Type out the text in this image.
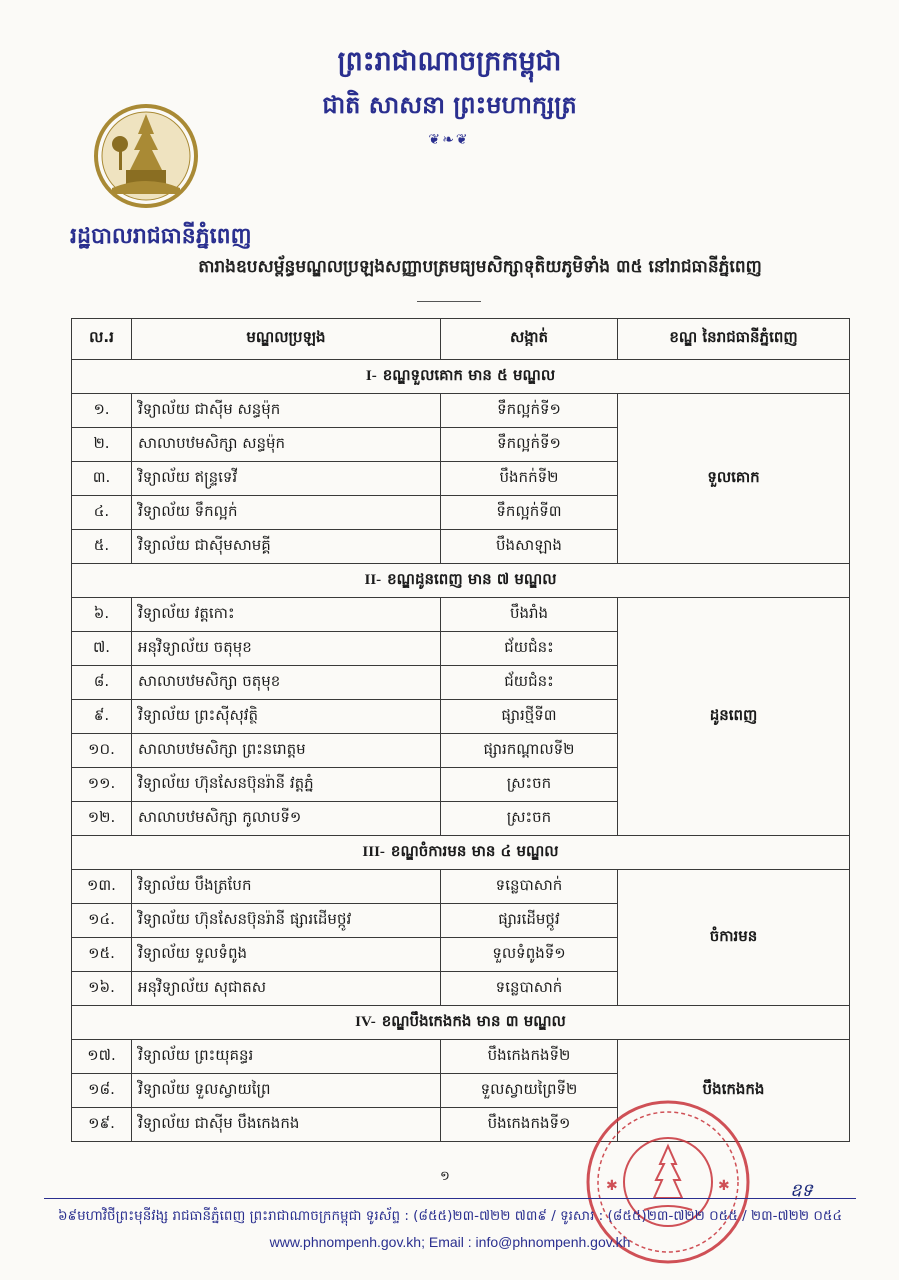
ព្រះរាជាណាចក្រកម្ពុជា
ជាតិ សាសនា ព្រះមហាក្សត្រ
❦❧❦
រដ្ឋបាលរាជធានីភ្នំពេញ
តារាងឧបសម្ព័ន្ធមណ្ឌលប្រឡងសញ្ញាបត្រមធ្យមសិក្សាទុតិយភូមិទាំង ៣៥ នៅរាជធានីភ្នំពេញ
ល.រ	មណ្ឌលប្រឡង	សង្កាត់	ខណ្ឌ នៃរាជធានីភ្នំពេញ
I- ខណ្ឌទួលគោក មាន ៥ មណ្ឌល			
១.	វិទ្យាល័យ ជាស៊ីម សន្ធម៉ុក	ទឹកល្អក់ទី១	ទួលគោក
២.	សាលាបឋមសិក្សា សន្ធម៉ុក	ទឹកល្អក់ទី១	
៣.	វិទ្យាល័យ ឥន្ទ្រទេវី	បឹងកក់ទី២	
៤.	វិទ្យាល័យ ទឹកល្អក់	ទឹកល្អក់ទី៣	
៥.	វិទ្យាល័យ ជាស៊ីមសាមគ្គី	បឹងសាឡាង	
II- ខណ្ឌដូនពេញ មាន ៧ មណ្ឌល			
៦.	វិទ្យាល័យ វត្តកោះ	បឹងរាំង	ដូនពេញ
៧.	អនុវិទ្យាល័យ ចតុមុខ	ជ័យជំនះ	
៨.	សាលាបឋមសិក្សា ចតុមុខ	ជ័យជំនះ	
៩.	វិទ្យាល័យ ព្រះស៊ីសុវត្ថិ	ផ្សារថ្មីទី៣	
១០.	សាលាបឋមសិក្សា ព្រះនរោត្តម	ផ្សារកណ្តាលទី២	
១១.	វិទ្យាល័យ ហ៊ុនសែនប៊ុនរ៉ានី វត្តភ្នំ	ស្រះចក	
១២.	សាលាបឋមសិក្សា កូលាបទី១	ស្រះចក	
III- ខណ្ឌចំការមន មាន ៤ មណ្ឌល			
១៣.	វិទ្យាល័យ បឹងត្របែក	ទន្លេបាសាក់	ចំការមន
១៤.	វិទ្យាល័យ ហ៊ុនសែនប៊ុនរ៉ានី ផ្សារដើមថ្កូវ	ផ្សារដើមថ្កូវ	
១៥.	វិទ្យាល័យ ទួលទំពូង	ទួលទំពូងទី១	
១៦.	អនុវិទ្យាល័យ សុជាតស	ទន្លេបាសាក់	
IV- ខណ្ឌបឹងកេងកង មាន ៣ មណ្ឌល			
១៧.	វិទ្យាល័យ ព្រះយុគន្ធរ	បឹងកេងកងទី២	បឹងកេងកង
១៨.	វិទ្យាល័យ ទួលស្វាយព្រៃ	ទួលស្វាយព្រៃទី២	
១៩.	វិទ្យាល័យ ជាស៊ីម បឹងកេងកង	បឹងកេងកងទី១	
✱	✱
១
ឧទ
៦៩មហាវិថីព្រះមុនីវង្ស រាជធានីភ្នំពេញ ព្រះរាជាណាចក្រកម្ពុជា ទូរស័ព្ទ : (៨៥៥)២៣-៧២២ ៧៣៩ / ទូរសារ : (៨៥៥)២៣-៧២២ ០៥៥ / ២៣-៧២២ ០៥៤
www.phnompenh.gov.kh; Email : info@phnompenh.gov.kh
